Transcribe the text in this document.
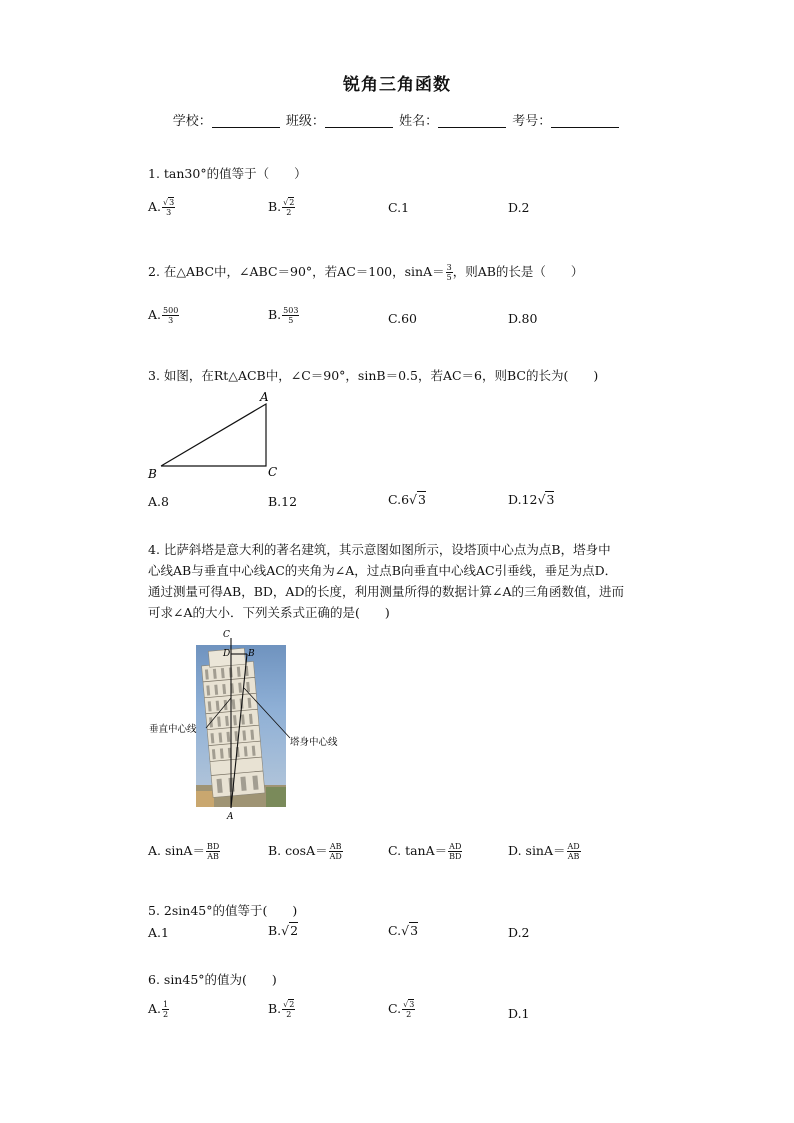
锐角三角函数
学校：	班级：	姓名：	考号：
1. tan30°的值等于（　　）
A. $\frac{√3}{3}$	B. $\frac{√2}{2}$	C.1	D.2
2. 在△ABC中，∠ABC＝90°，若AC＝100，$\sin A= \frac{3}{5}$ ，则AB的长是（　　）
A. $\frac{500}{3}$	B. $\frac{503}{5}$	C.60	D.80
3. 如图，在Rt△ACB中，∠C＝90°，sinB＝0.5，若AC＝6，则BC的长为(　　)
A
B	C
A.8	B.12	C.6√3	D.12√3
4. 比萨斜塔是意大利的著名建筑，其示意图如图所示，设塔顶中心点为点B，塔身中
心线AB与垂直中心线AC的夹角为∠A，过点B向垂直中心线AC引垂线，垂足为点D．
通过测量可得AB，BD，AD的长度，利用测量所得的数据计算∠A的三角函数值，进而
可求∠A的大小．下列关系式正确的是(　　)
C
D B
A
垂直中心线
塔身中心线
A. $\sin A= \frac{BD}{AB}$	B. $\cos A= \frac{AB}{AD}$	C. $\tan A= \frac{AD}{BD}$	D. $\sin A= \frac{AD}{AB}$
5. 2sin45°的值等于(　　)
A.1	B.√2	C.√3	D.2
6. sin45°的值为(　　)
A. $\frac{1}{2}$	B. $\frac{√2}{2}$	C. $\frac{√3}{2}$	D.1
